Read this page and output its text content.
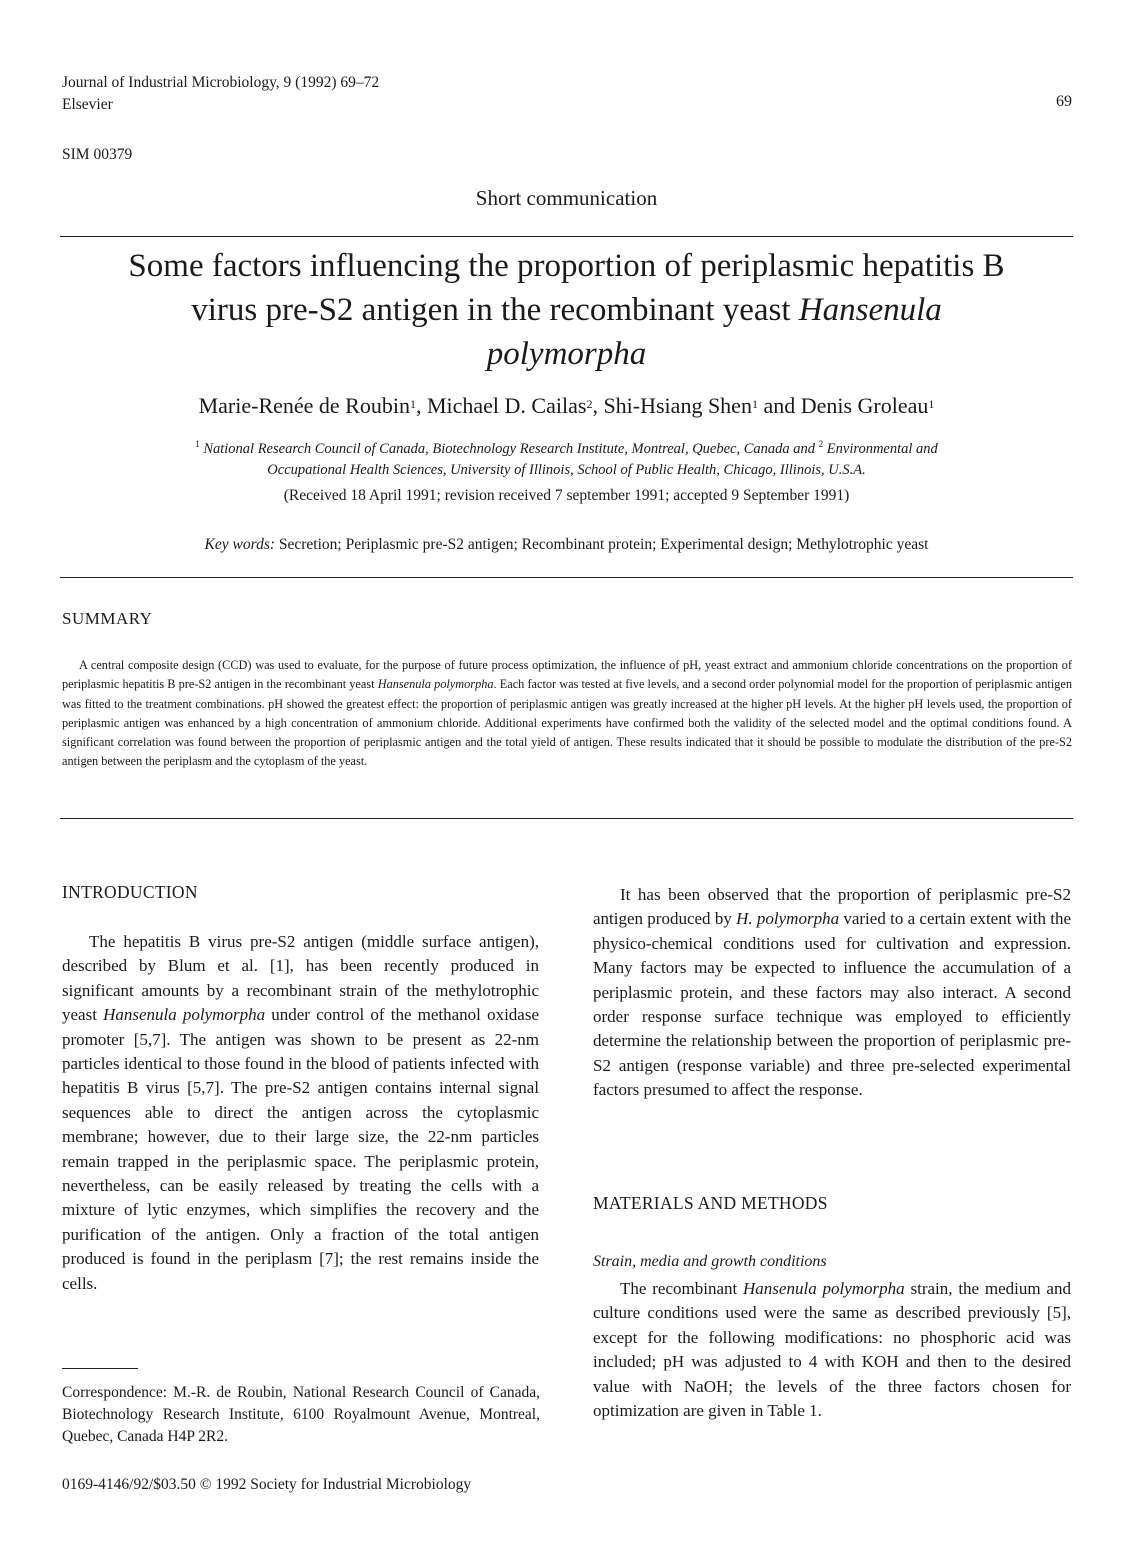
Journal of Industrial Microbiology, 9 (1992) 69–72
Elsevier	69
SIM 00379
Short communication
Some factors influencing the proportion of periplasmic hepatitis B
virus pre-S2 antigen in the recombinant yeast Hansenula
polymorpha
Marie-Renée de Roubin$^1$, Michael D. Cailas$^2$, Shi-Hsiang Shen$^1$ and Denis Groleau$^1$
$^1$ National Research Council of Canada, Biotechnology Research Institute, Montreal, Quebec, Canada and $^2$ Environmental and
Occupational Health Sciences, University of Illinois, School of Public Health, Chicago, Illinois, U.S.A.
(Received 18 April 1991; revision received 7 september 1991; accepted 9 September 1991)
Key words: Secretion; Periplasmic pre-S2 antigen; Recombinant protein; Experimental design; Methylotrophic yeast
SUMMARY
A central composite design (CCD) was used to evaluate, for the purpose of future process optimization, the influence of pH, yeast extract and ammonium chloride concentrations on the proportion of periplasmic hepatitis B pre-S2 antigen in the recombinant yeast Hansenula polymorpha. Each factor was tested at five levels, and a second order polynomial model for the proportion of periplasmic antigen was fitted to the treatment combinations. pH showed the greatest effect: the proportion of periplasmic antigen was greatly increased at the higher pH levels. At the higher pH levels used, the proportion of periplasmic antigen was enhanced by a high concentration of ammonium chloride. Additional experiments have confirmed both the validity of the selected model and the optimal conditions found. A significant correlation was found between the proportion of periplasmic antigen and the total yield of antigen. These results indicated that it should be possible to modulate the distribution of the pre-S2 antigen between the periplasm and the cytoplasm of the yeast.
INTRODUCTION

The hepatitis B virus pre-S2 antigen (middle surface antigen), described by Blum et al. [1], has been recently produced in significant amounts by a recombinant strain of the methylotrophic yeast Hansenula polymorpha under control of the methanol oxidase promoter [5,7]. The antigen was shown to be present as 22-nm particles identical to those found in the blood of patients infected with hepatitis B virus [5,7]. The pre-S2 antigen contains internal signal sequences able to direct the antigen across the cytoplasmic membrane; however, due to their large size, the 22-nm particles remain trapped in the periplasmic space. The periplasmic protein, nevertheless, can be easily released by treating the cells with a mixture of lytic enzymes, which simplifies the recovery and the purification of the antigen. Only a fraction of the total antigen produced is found in the periplasm [7]; the rest remains inside the cells.

Correspondence: M.-R. de Roubin, National Research Council of Canada, Biotechnology Research Institute, 6100 Royalmount Avenue, Montreal, Quebec, Canada H4P 2R2.
0169-4146/92/$03.50 © 1992 Society for Industrial Microbiology

It has been observed that the proportion of periplasmic pre-S2 antigen produced by H. polymorpha varied to a certain extent with the physico-chemical conditions used for cultivation and expression. Many factors may be expected to influence the accumulation of a periplasmic protein, and these factors may also interact. A second order response surface technique was employed to efficiently determine the relationship between the proportion of periplasmic pre-S2 antigen (response variable) and three pre-selected experimental factors presumed to affect the response.

MATERIALS AND METHODS
Strain, media and growth conditions

The recombinant Hansenula polymorpha strain, the medium and culture conditions used were the same as described previously [5], except for the following modifications: no phosphoric acid was included; pH was adjusted to 4 with KOH and then to the desired value with NaOH; the levels of the three factors chosen for optimization are given in Table 1.
